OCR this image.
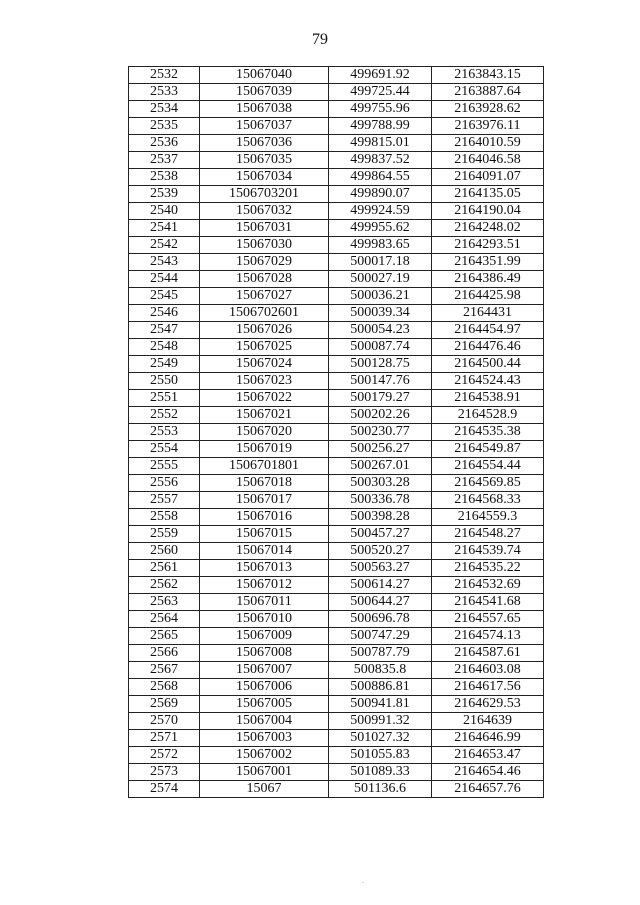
79
2532	15067040	499691.92	2163843.15
2533	15067039	499725.44	2163887.64
2534	15067038	499755.96	2163928.62
2535	15067037	499788.99	2163976.11
2536	15067036	499815.01	2164010.59
2537	15067035	499837.52	2164046.58
2538	15067034	499864.55	2164091.07
2539	1506703201	499890.07	2164135.05
2540	15067032	499924.59	2164190.04
2541	15067031	499955.62	2164248.02
2542	15067030	499983.65	2164293.51
2543	15067029	500017.18	2164351.99
2544	15067028	500027.19	2164386.49
2545	15067027	500036.21	2164425.98
2546	1506702601	500039.34	2164431
2547	15067026	500054.23	2164454.97
2548	15067025	500087.74	2164476.46
2549	15067024	500128.75	2164500.44
2550	15067023	500147.76	2164524.43
2551	15067022	500179.27	2164538.91
2552	15067021	500202.26	2164528.9
2553	15067020	500230.77	2164535.38
2554	15067019	500256.27	2164549.87
2555	1506701801	500267.01	2164554.44
2556	15067018	500303.28	2164569.85
2557	15067017	500336.78	2164568.33
2558	15067016	500398.28	2164559.3
2559	15067015	500457.27	2164548.27
2560	15067014	500520.27	2164539.74
2561	15067013	500563.27	2164535.22
2562	15067012	500614.27	2164532.69
2563	15067011	500644.27	2164541.68
2564	15067010	500696.78	2164557.65
2565	15067009	500747.29	2164574.13
2566	15067008	500787.79	2164587.61
2567	15067007	500835.8	2164603.08
2568	15067006	500886.81	2164617.56
2569	15067005	500941.81	2164629.53
2570	15067004	500991.32	2164639
2571	15067003	501027.32	2164646.99
2572	15067002	501055.83	2164653.47
2573	15067001	501089.33	2164654.46
2574	15067	501136.6	2164657.76
.
